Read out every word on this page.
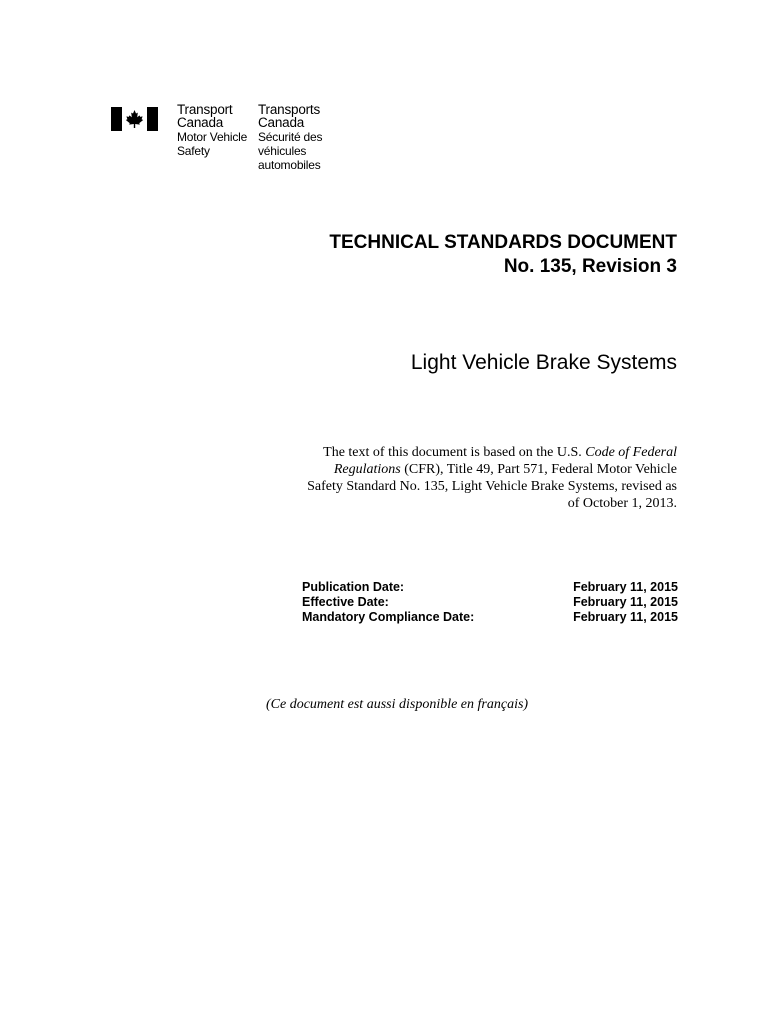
Transport
Canada
Motor Vehicle
Safety
Transports
Canada
Sécurité des
véhicules
automobiles
TECHNICAL STANDARDS DOCUMENT
No. 135, Revision 3
Light Vehicle Brake Systems
The text of this document is based on the U.S. Code of Federal Regulations (CFR), Title 49, Part 571, Federal Motor Vehicle Safety Standard No. 135, Light Vehicle Brake Systems, revised as of October 1, 2013.
Publication Date:	February 11, 2015
Effective Date:	February 11, 2015
Mandatory Compliance Date:	February 11, 2015
(Ce document est aussi disponible en français)
